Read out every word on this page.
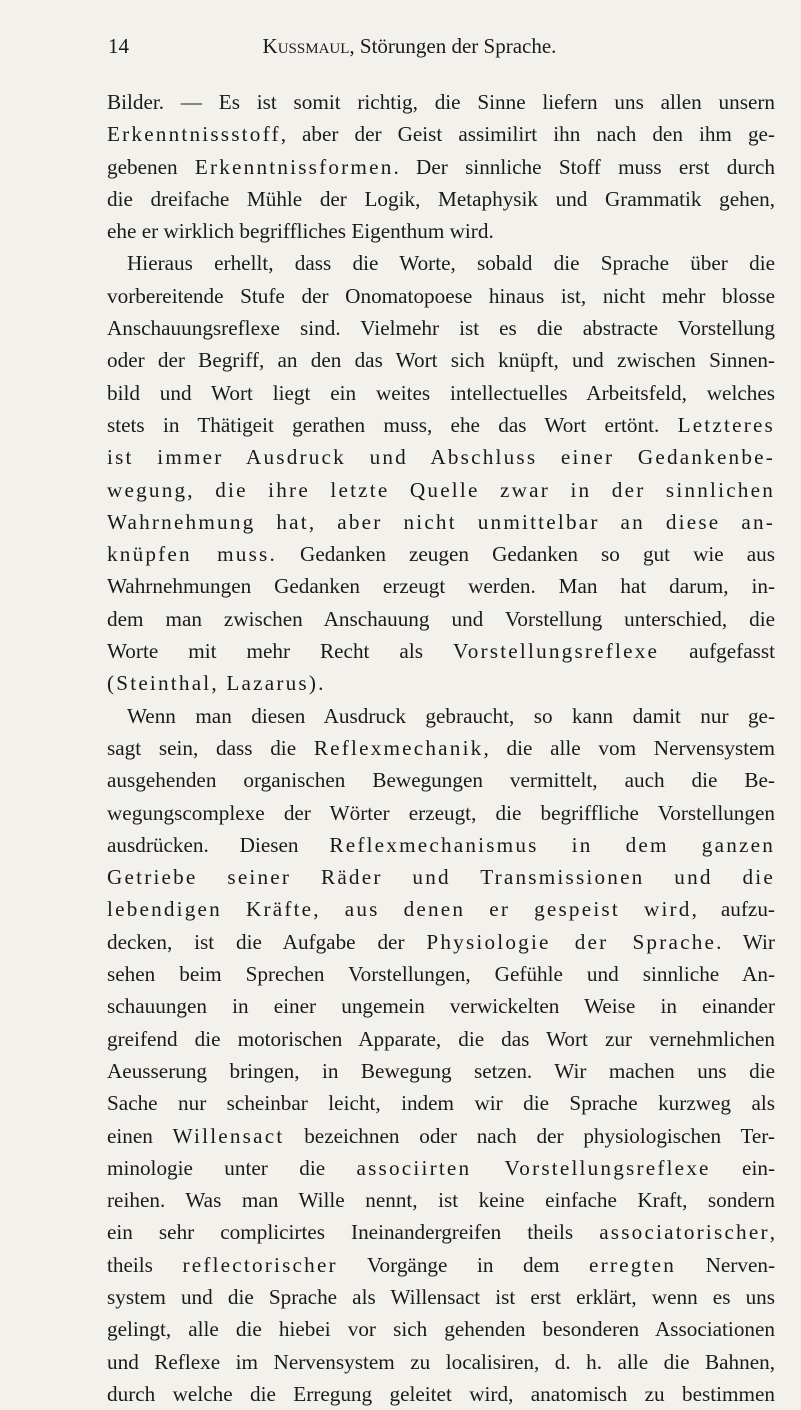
14	Kussmaul, Störungen der Sprache.
Bilder. — Es ist somit richtig, die Sinne liefern uns allen unsern
Erkenntnissstoff, aber der Geist assimilirt ihn nach den ihm ge-
gebenen Erkenntnissformen. Der sinnliche Stoff muss erst durch
die dreifache Mühle der Logik, Metaphysik und Grammatik gehen,
ehe er wirklich begriffliches Eigenthum wird.
Hieraus erhellt, dass die Worte, sobald die Sprache über die
vorbereitende Stufe der Onomatopoese hinaus ist, nicht mehr blosse
Anschauungsreflexe sind. Vielmehr ist es die abstracte Vorstellung
oder der Begriff, an den das Wort sich knüpft, und zwischen Sinnen-
bild und Wort liegt ein weites intellectuelles Arbeitsfeld, welches
stets in Thätigeit gerathen muss, ehe das Wort ertönt. Letzteres
ist immer Ausdruck und Abschluss einer Gedankenbe-
wegung, die ihre letzte Quelle zwar in der sinnlichen
Wahrnehmung hat, aber nicht unmittelbar an diese an-
knüpfen muss. Gedanken zeugen Gedanken so gut wie aus
Wahrnehmungen Gedanken erzeugt werden. Man hat darum, in-
dem man zwischen Anschauung und Vorstellung unterschied, die
Worte mit mehr Recht als Vorstellungsreflexe aufgefasst
(Steinthal, Lazarus).
Wenn man diesen Ausdruck gebraucht, so kann damit nur ge-
sagt sein, dass die Reflexmechanik, die alle vom Nervensystem
ausgehenden organischen Bewegungen vermittelt, auch die Be-
wegungscomplexe der Wörter erzeugt, die begriffliche Vorstellungen
ausdrücken. Diesen Reflexmechanismus in dem ganzen
Getriebe seiner Räder und Transmissionen und die
lebendigen Kräfte, aus denen er gespeist wird, aufzu-
decken, ist die Aufgabe der Physiologie der Sprache. Wir
sehen beim Sprechen Vorstellungen, Gefühle und sinnliche An-
schauungen in einer ungemein verwickelten Weise in einander
greifend die motorischen Apparate, die das Wort zur vernehmlichen
Aeusserung bringen, in Bewegung setzen. Wir machen uns die
Sache nur scheinbar leicht, indem wir die Sprache kurzweg als
einen Willensact bezeichnen oder nach der physiologischen Ter-
minologie unter die associirten Vorstellungsreflexe ein-
reihen. Was man Wille nennt, ist keine einfache Kraft, sondern
ein sehr complicirtes Ineinandergreifen theils associatorischer,
theils reflectorischer Vorgänge in dem erregten Nerven-
system und die Sprache als Willensact ist erst erklärt, wenn es uns
gelingt, alle die hiebei vor sich gehenden besonderen Associationen
und Reflexe im Nervensystem zu localisiren, d. h. alle die Bahnen,
durch welche die Erregung geleitet wird, anatomisch zu bestimmen
